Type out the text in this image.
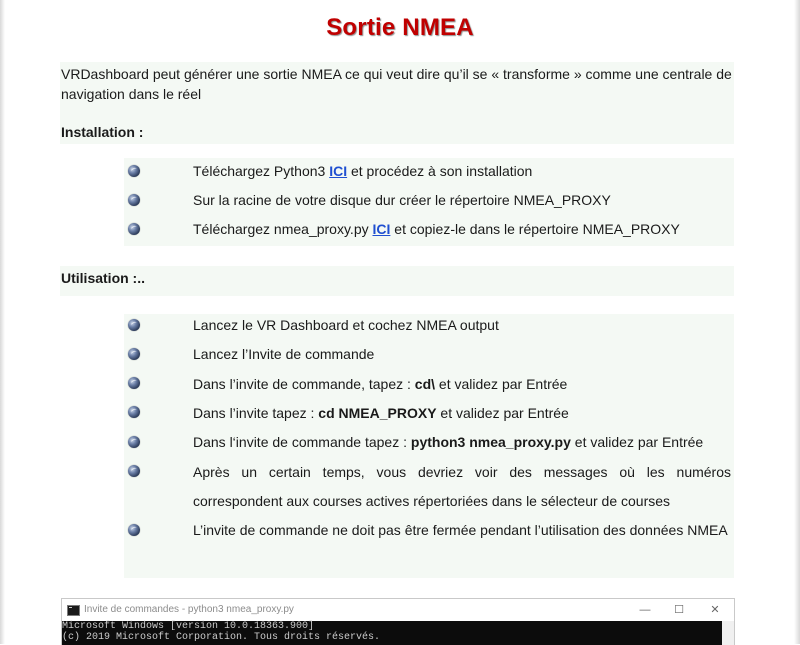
Sortie NMEA
VRDashboard peut générer une sortie NMEA ce qui veut dire qu’il se « transforme » comme une centrale de navigation dans le réel
Installation :
Téléchargez Python3 ICI et procédez à son installation
Sur la racine de votre disque dur créer le répertoire NMEA_PROXY
Téléchargez nmea_proxy.py ICI et copiez-le dans le répertoire NMEA_PROXY
Utilisation :..
Lancez le VR Dashboard et cochez NMEA output
Lancez l’Invite de commande
Dans l’invite de commande, tapez : cd\ et validez par Entrée
Dans l’invite tapez : cd NMEA_PROXY et validez par Entrée
Dans l‘invite de commande tapez : python3 nmea_proxy.py et validez par Entrée
Après un certain temps, vous devriez voir des messages où les numéros correspondent aux courses actives répertoriées dans le sélecteur de courses
L’invite de commande ne doit pas être fermée pendant l’utilisation des données NMEA
Invite de commandes - python3 nmea_proxy.py	—	☐	✕
Microsoft Windows [version 10.0.18363.900]
(c) 2019 Microsoft Corporation. Tous droits réservés.
